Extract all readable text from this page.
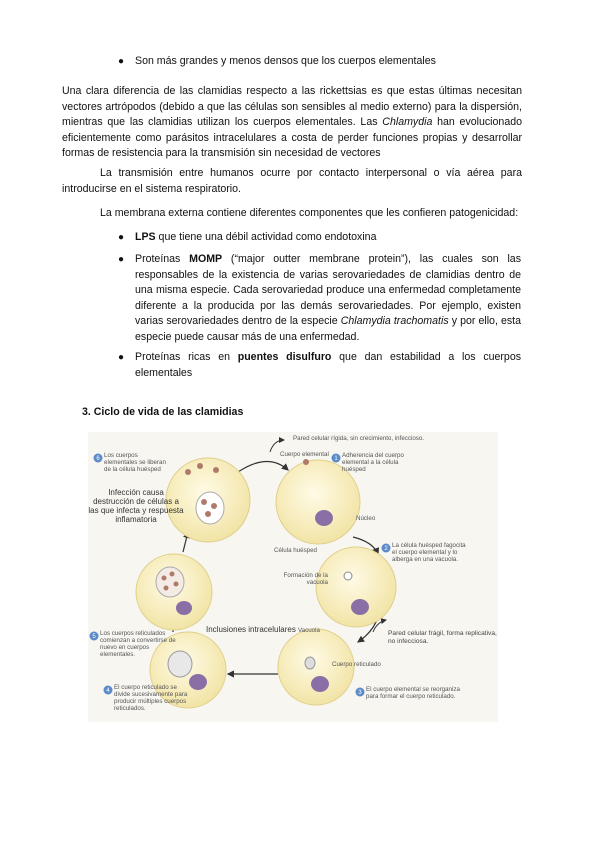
● Son más grandes y menos densos que los cuerpos elementales

Una clara diferencia de las clamidias respecto a las rickettsias es que estas últimas necesitan vectores artrópodos (debido a que las células son sensibles al medio externo) para la dispersión, mientras que las clamidias utilizan los cuerpos elementales. Las Chlamydia han evolucionado eficientemente como parásitos intracelulares a costa de perder funciones propias y desarrollar formas de resistencia para la transmisión sin necesidad de vectores

La transmisión entre humanos ocurre por contacto interpersonal o vía aérea para introducirse en el sistema respiratorio.

La membrana externa contiene diferentes componentes que les confieren patogenicidad:

● LPS que tiene una débil actividad como endotoxina

● Proteínas MOMP (“major outter membrane protein”), las cuales son las responsables de la existencia de varias serovariedades de clamidias dentro de una misma especie. Cada serovariedad produce una enfermedad completamente diferente a la producida por las demás serovariedades. Por ejemplo, existen varias serovariedades dentro de la especie Chlamydia trachomatis y por ello, esta especie puede causar más de una enfermedad.

● Proteínas ricas en puentes disulfuro que dan estabilidad a los cuerpos elementales

3. Ciclo de vida de las clamidias
6	1
2
3
4
5
Pared celular rígida, sin crecimiento, infeccioso.
Cuerpo elemental
Célula huésped
Núcleo
Vacuola
Cuerpo reticulado
Inclusiones intracelulares
Adherencia del cuerpo elemental a la célula huésped
La célula huésped fagocita el cuerpo elemental y lo alberga en una vacuola.
Formación de la vacuola
Pared celular frágil, forma replicativa, no infecciosa.
El cuerpo elemental se reorganiza para formar el cuerpo reticulado.
El cuerpo reticulado se divide sucesivamente para producir múltiples cuerpos reticulados.
Los cuerpos reticulados comienzan a convertirse de nuevo en cuerpos elementales.
Los cuerpos elementales se liberan de la célula huésped
Infección causa destrucción de células a las que infecta y respuesta inflamatoria
